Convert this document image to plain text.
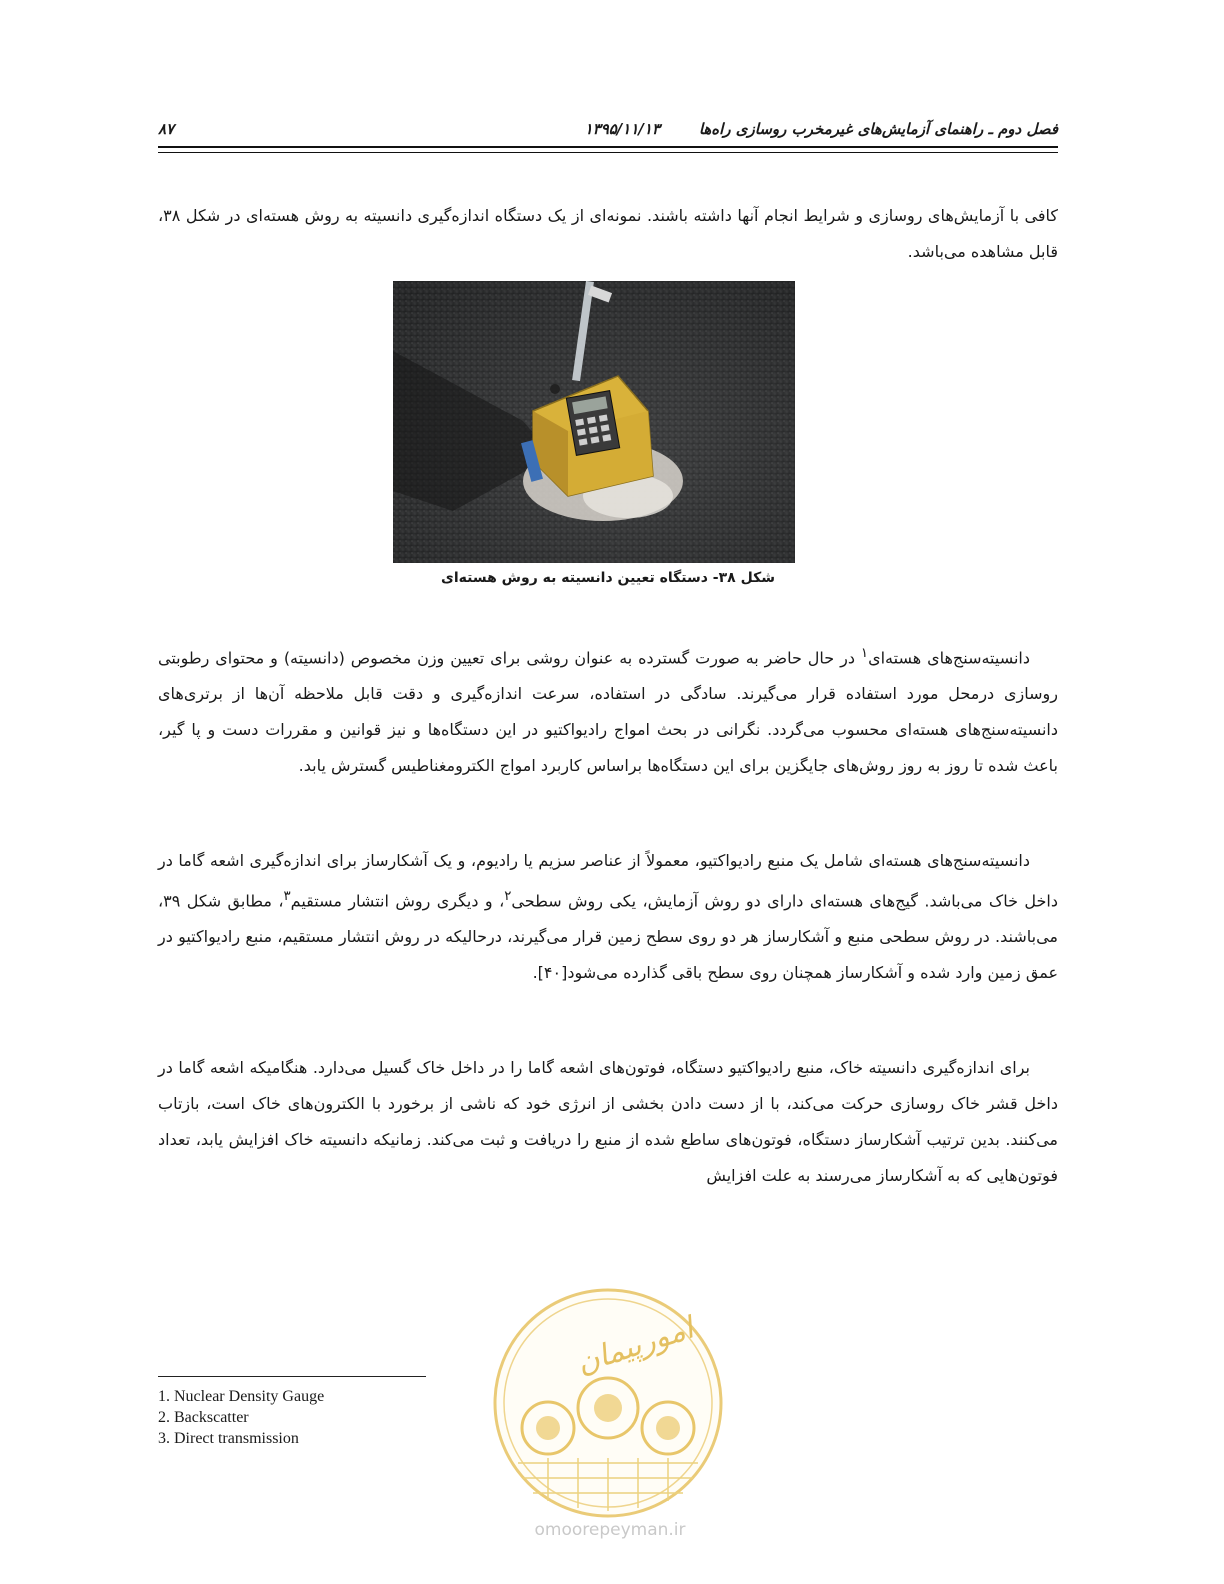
فصل دوم ـ راهنمای آزمایش‌های غیرمخرب روسازی راه‌ها
۱۳۹۵/۱۱/۱۳
۸۷
کافی با آزمایش‌های روسازی و شرایط انجام آنها داشته باشند. نمونه‌ای از یک دستگاه اندازه‌گیری دانسیته به روش هسته‌ای در شکل ۳۸، قابل مشاهده می‌باشد.
شکل ۳۸- دستگاه تعیین دانسیته به روش هسته‌ای
دانسیته‌سنج‌های هسته‌ای$^۱$ در حال حاضر به صورت گسترده به عنوان روشی برای تعیین وزن مخصوص (دانسیته) و محتوای رطوبتی روسازی درمحل مورد استفاده قرار می‌گیرند. سادگی در استفاده، سرعت اندازه‌گیری و دقت قابل ملاحظه آن‌ها از برتری‌های دانسیته‌سنج‌های هسته‌ای محسوب می‌گردد. نگرانی در بحث امواج رادیواکتیو در این دستگاه‌ها و نیز قوانین و مقررات دست و پا گیر، باعث شده تا روز به روز روش‌های جایگزین برای این دستگاه‌ها براساس کاربرد امواج الکترومغناطیس گسترش یابد.
دانسیته‌سنج‌های هسته‌ای شامل یک منبع رادیواکتیو، معمولاً از عناصر سزیم یا رادیوم، و یک آشکارساز برای اندازه‌گیری اشعه گاما در داخل خاک می‌باشد. گیج‌های هسته‌ای دارای دو روش آزمایش، یکی روش سطحی$^۲$، و دیگری روش انتشار مستقیم$^۳$، مطابق شکل ۳۹، می‌باشند. در روش سطحی منبع و آشکارساز هر دو روی سطح زمین قرار می‌گیرند، درحالیکه در روش انتشار مستقیم، منبع رادیواکتیو در عمق زمین وارد شده و آشکارساز همچنان روی سطح باقی گذارده می‌شود[۴۰].
برای اندازه‌گیری دانسیته خاک، منبع رادیواکتیو دستگاه، فوتون‌های اشعه گاما را در داخل خاک گسیل می‌دارد. هنگامیکه اشعه گاما در داخل قشر خاک روسازی حرکت می‌کند، با از دست دادن بخشی از انرژی خود که ناشی از برخورد با الکترون‌های خاک است، بازتاب می‌کنند. بدین ترتیب آشکارساز دستگاه، فوتون‌های ساطع شده از منبع را دریافت و ثبت می‌کند. زمانیکه دانسیته خاک افزایش یابد، تعداد فوتون‌هایی که به آشکارساز می‌رسند به علت افزایش
امورپیمان
omoorepeyman.ir
1. Nuclear Density Gauge
2. Backscatter
3. Direct transmission
